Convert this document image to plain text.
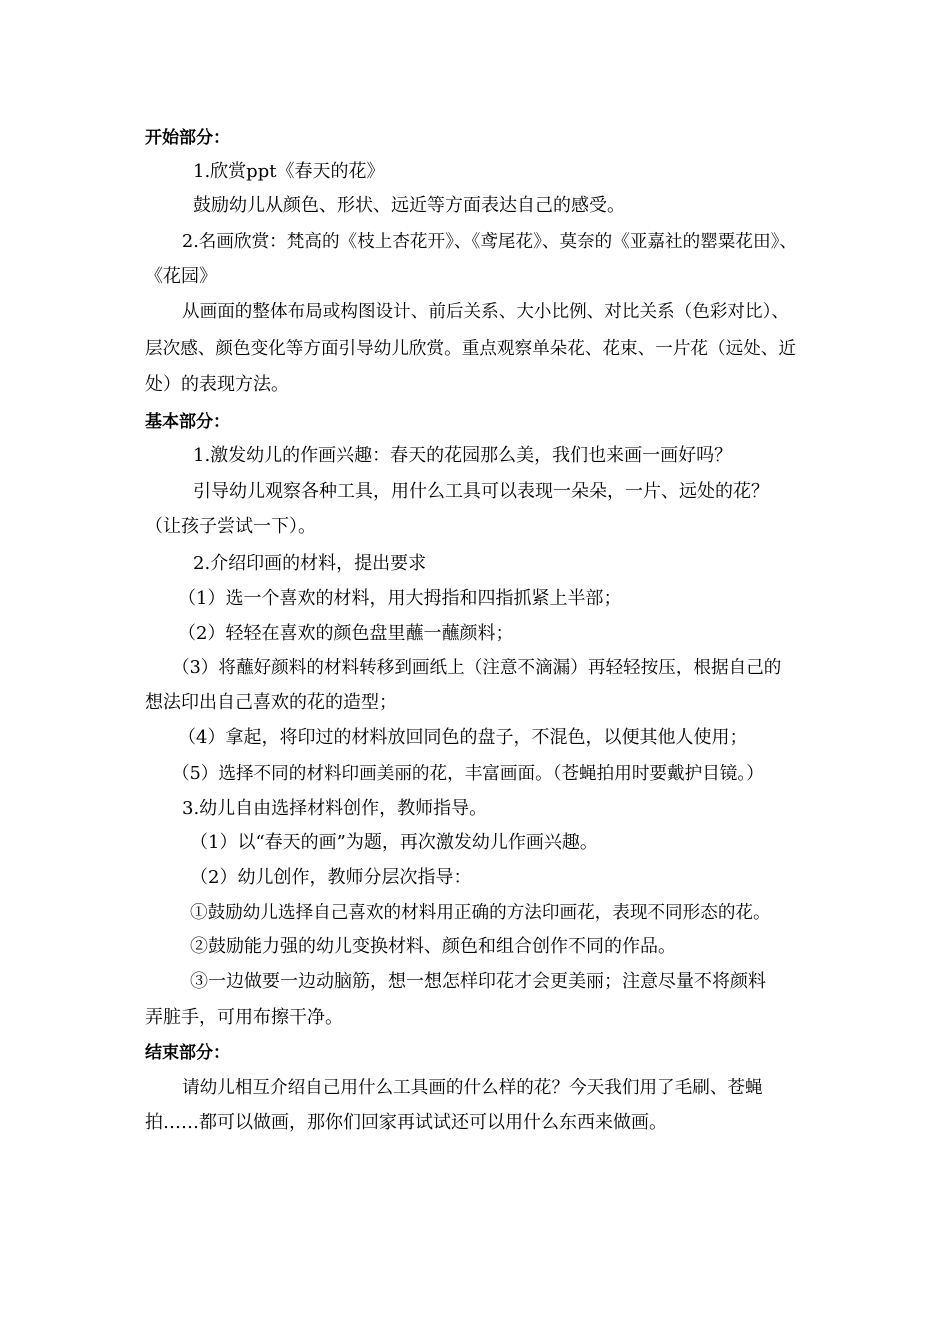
开始部分：
1.欣赏ppt《春天的花》
鼓励幼儿从颜色、形状、远近等方面表达自己的感受。
2.名画欣赏：梵高的《枝上杏花开》、《鸢尾花》、莫奈的《亚嘉社的罂粟花田》、
《花园》
从画面的整体布局或构图设计、前后关系、大小比例、对比关系（色彩对比）、
层次感、颜色变化等方面引导幼儿欣赏。重点观察单朵花、花束、一片花（远处、近
处）的表现方法。
基本部分：
1.激发幼儿的作画兴趣：春天的花园那么美，我们也来画一画好吗？
引导幼儿观察各种工具，用什么工具可以表现一朵朵，一片、远处的花？
（让孩子尝试一下）。
2.介绍印画的材料，提出要求
（1）选一个喜欢的材料，用大拇指和四指抓紧上半部；
（2）轻轻在喜欢的颜色盘里蘸一蘸颜料；
（3）将蘸好颜料的材料转移到画纸上（注意不滴漏）再轻轻按压，根据自己的
想法印出自己喜欢的花的造型；
（4）拿起，将印过的材料放回同色的盘子，不混色，以便其他人使用；
（5）选择不同的材料印画美丽的花，丰富画面。（苍蝇拍用时要戴护目镜。）
3.幼儿自由选择材料创作，教师指导。
（1）以“春天的画”为题，再次激发幼儿作画兴趣。
（2）幼儿创作，教师分层次指导：
①鼓励幼儿选择自己喜欢的材料用正确的方法印画花，表现不同形态的花。
②鼓励能力强的幼儿变换材料、颜色和组合创作不同的作品。
③一边做要一边动脑筋，想一想怎样印花才会更美丽；注意尽量不将颜料
弄脏手，可用布擦干净。
结束部分：
请幼儿相互介绍自己用什么工具画的什么样的花？今天我们用了毛刷、苍蝇
拍……都可以做画，那你们回家再试试还可以用什么东西来做画。
